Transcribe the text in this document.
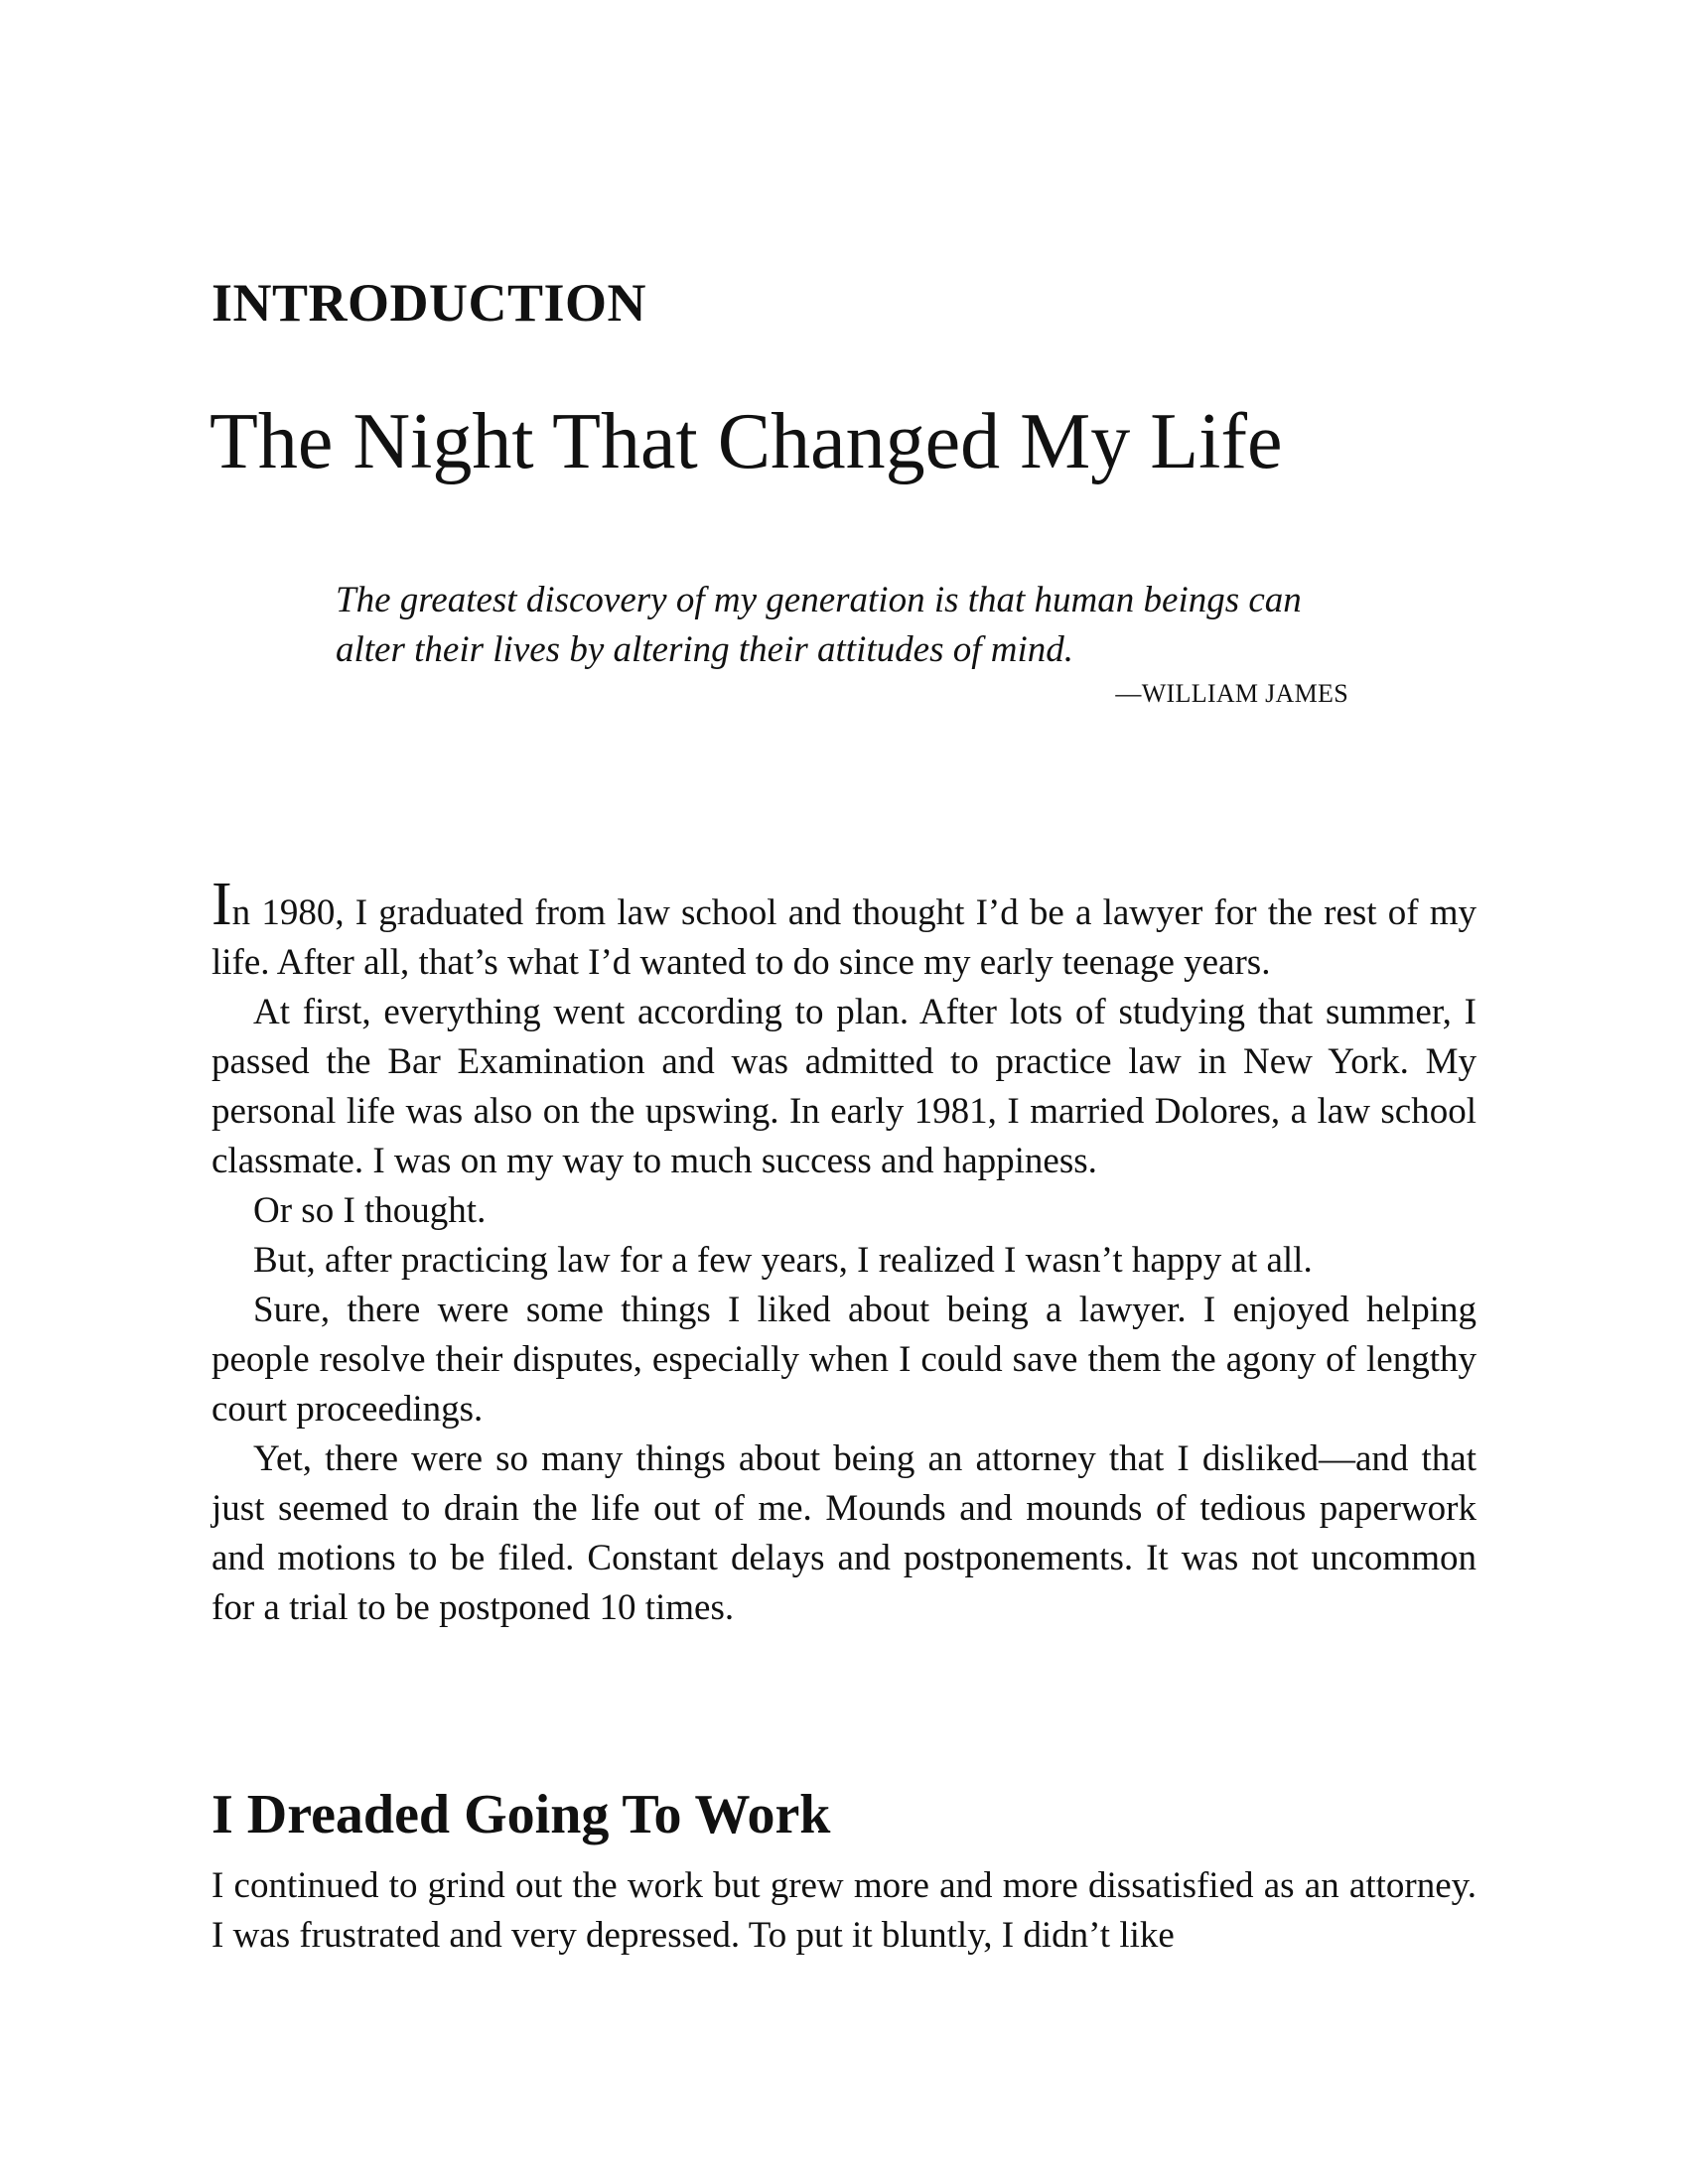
INTRODUCTION
The Night That Changed My Life

The greatest discovery of my generation is that human beings can alter their lives by altering their attitudes of mind.

—WILLIAM JAMES

In 1980, I graduated from law school and thought I’d be a lawyer for the rest of my life. After all, that’s what I’d wanted to do since my early teenage years.

At first, everything went according to plan. After lots of studying that summer, I passed the Bar Examination and was admitted to practice law in New York. My personal life was also on the upswing. In early 1981, I married Dolores, a law school classmate. I was on my way to much success and happiness.

Or so I thought.

But, after practicing law for a few years, I realized I wasn’t happy at all.

Sure, there were some things I liked about being a lawyer. I enjoyed helping people resolve their disputes, especially when I could save them the agony of lengthy court proceedings.

Yet, there were so many things about being an attorney that I disliked—and that just seemed to drain the life out of me. Mounds and mounds of tedious paperwork and motions to be filed. Constant delays and postponements. It was not uncommon for a trial to be postponed 10 times.

I Dreaded Going To Work

I continued to grind out the work but grew more and more dissatisfied as an attorney. I was frustrated and very depressed. To put it bluntly, I didn’t like
